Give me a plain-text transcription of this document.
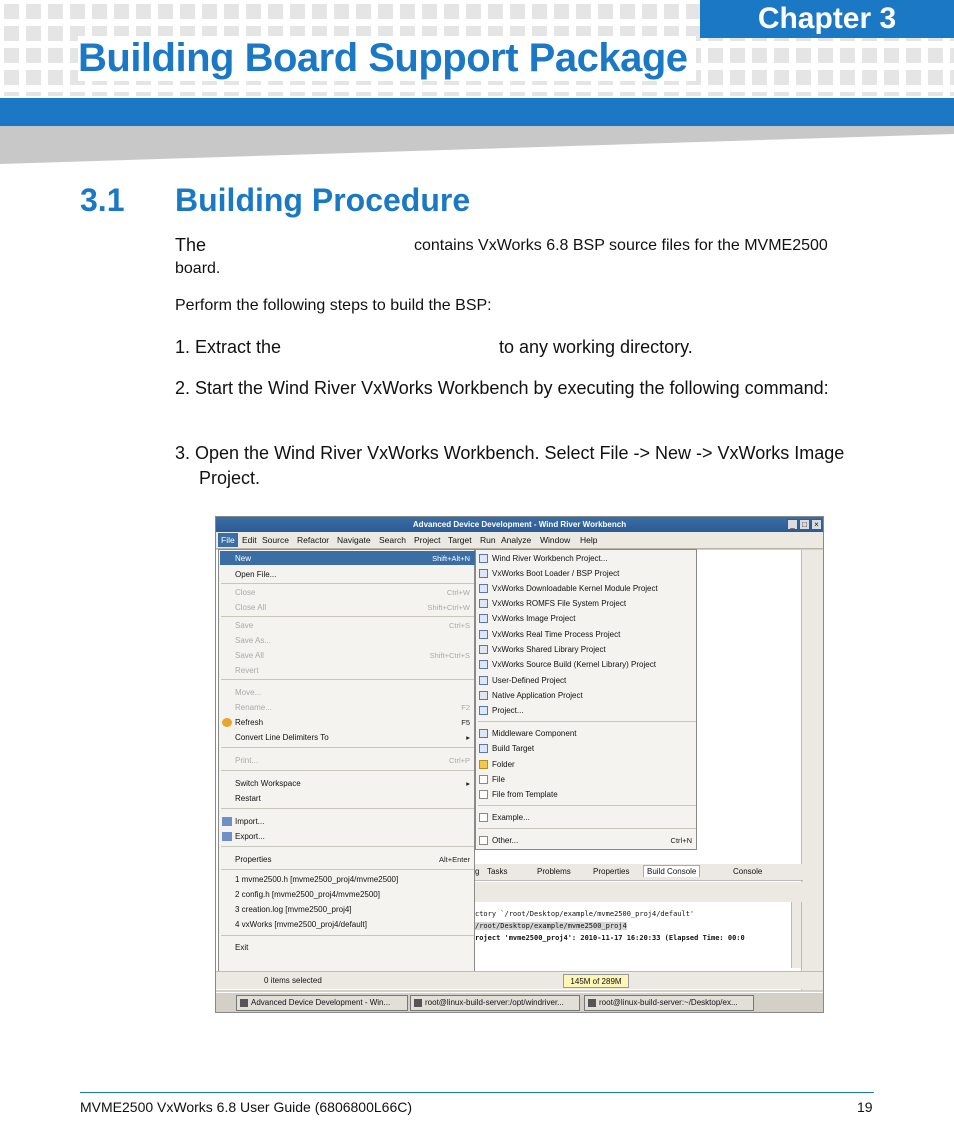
Chapter 3
Building Board Support Package
3.1 Building Procedure
The	contains VxWorks 6.8 BSP source files for the MVME2500
board.
Perform the following steps to build the BSP:
1. Extract the	to any working directory.
2. Start the Wind River VxWorks Workbench by executing the following command:
3. Open the Wind River VxWorks Workbench. Select File -> New -> VxWorks Image
Project.
Advanced Device Development - Wind River Workbench	_ □ ×
File Edit Source Refactor Navigate Search Project Target Run Analyze Window Help
New	Shift+Alt+N
Open File...
Close	Ctrl+W
Close All	Shift+Ctrl+W
Save	Ctrl+S
Save As...
Save All	Shift+Ctrl+S
Revert
Move...
Rename...	F2
Refresh	F5
Convert Line Delimiters To	▸
Print...	Ctrl+P
Switch Workspace	▸
Restart
Import...
Export...
Properties	Alt+Enter
1 mvme2500.h [mvme2500_proj4/mvme2500]
2 config.h [mvme2500_proj4/mvme2500]
3 creation.log [mvme2500_proj4]
4 vxWorks [mvme2500_proj4/default]
Exit
Wind River Workbench Project...
VxWorks Boot Loader / BSP Project
VxWorks Downloadable Kernel Module Project
VxWorks ROMFS File System Project
VxWorks Image Project
VxWorks Real Time Process Project
VxWorks Shared Library Project
VxWorks Source Build (Kernel Library) Project
User-Defined Project
Native Application Project
Project...
Middleware Component
Build Target
Folder
File
File from Template
Example...
Other...	Ctrl+N
g Tasks	Problems	Properties	Build Console	Console
ctory `/root/Desktop/example/mvme2500_proj4/default'
/root/Desktop/example/mvme2500_proj4
roject 'mvme2500_proj4': 2010-11-17 16:20:33 (Elapsed Time: 00:0
0 items selected	145M of 289M
Advanced Device Development - Win...	root@linux-build-server:/opt/windriver...	root@linux-build-server:~/Desktop/ex...
MVME2500 VxWorks 6.8 User Guide (6806800L66C)	19
